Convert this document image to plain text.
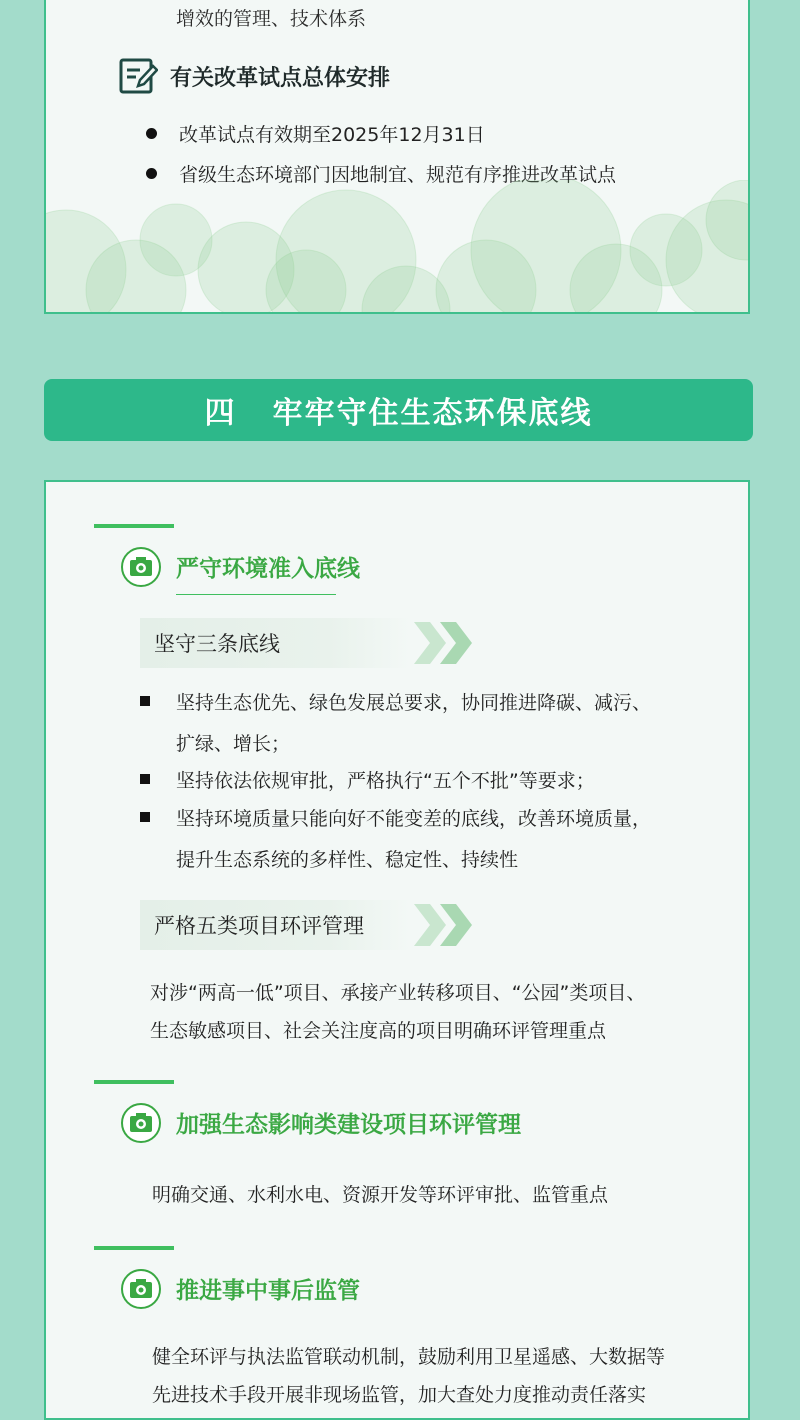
增效的管理、技术体系
有关改革试点总体安排
改革试点有效期至2025年12月31日
省级生态环境部门因地制宜、规范有序推进改革试点
四 牢牢守住生态环保底线
严守环境准入底线
坚守三条底线
坚持生态优先、绿色发展总要求，协同推进降碳、减污、
扩绿、增长；
坚持依法依规审批，严格执行“五个不批”等要求；
坚持环境质量只能向好不能变差的底线，改善环境质量，
提升生态系统的多样性、稳定性、持续性
严格五类项目环评管理
对涉“两高一低”项目、承接产业转移项目、“公园”类项目、
生态敏感项目、社会关注度高的项目明确环评管理重点
加强生态影响类建设项目环评管理
明确交通、水利水电、资源开发等环评审批、监管重点
推进事中事后监管
健全环评与执法监管联动机制，鼓励利用卫星遥感、大数据等
先进技术手段开展非现场监管，加大查处力度推动责任落实
